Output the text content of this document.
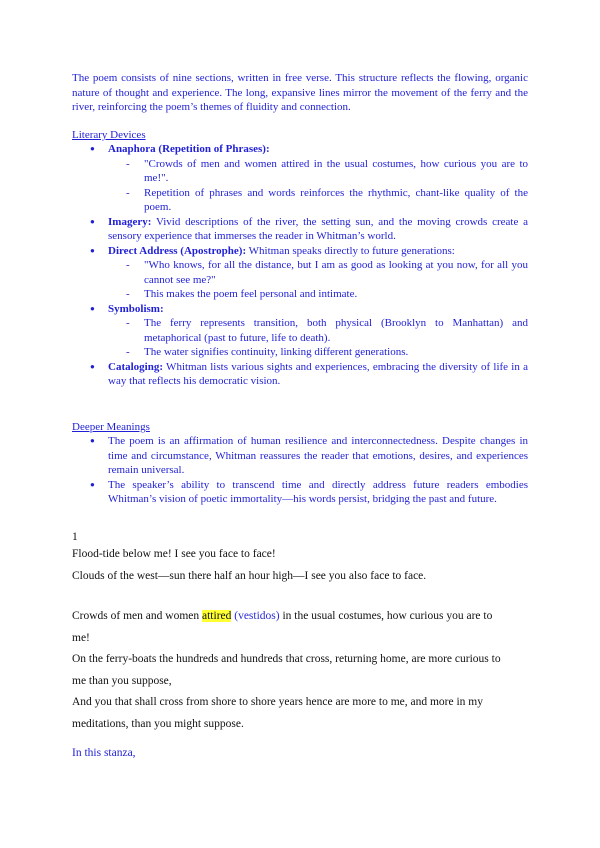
The poem consists of nine sections, written in free verse. This structure reflects the flowing, organic nature of thought and experience. The long, expansive lines mirror the movement of the ferry and the river, reinforcing the poem’s themes of fluidity and connection.
Literary Devices
● Anaphora (Repetition of Phrases):
- "Crowds of men and women attired in the usual costumes, how curious you are to me!".
- Repetition of phrases and words reinforces the rhythmic, chant-like quality of the poem.
● Imagery: Vivid descriptions of the river, the setting sun, and the moving crowds create a sensory experience that immerses the reader in Whitman’s world.
● Direct Address (Apostrophe): Whitman speaks directly to future generations:
- "Who knows, for all the distance, but I am as good as looking at you now, for all you cannot see me?"
- This makes the poem feel personal and intimate.
● Symbolism:
- The ferry represents transition, both physical (Brooklyn to Manhattan) and metaphorical (past to future, life to death).
- The water signifies continuity, linking different generations.
● Cataloging: Whitman lists various sights and experiences, embracing the diversity of life in a way that reflects his democratic vision.
Deeper Meanings
● The poem is an affirmation of human resilience and interconnectedness. Despite changes in time and circumstance, Whitman reassures the reader that emotions, desires, and experiences remain universal.
● The speaker’s ability to transcend time and directly address future readers embodies Whitman’s vision of poetic immortality—his words persist, bridging the past and future.

1

Flood-tide below me! I see you face to face!

Clouds of the west—sun there half an hour high—I see you also face to face.

Crowds of men and women attired (vestidos) in the usual costumes, how curious you are to

me!

On the ferry-boats the hundreds and hundreds that cross, returning home, are more curious to

me than you suppose,

And you that shall cross from shore to shore years hence are more to me, and more in my

meditations, than you might suppose.

In this stanza,
